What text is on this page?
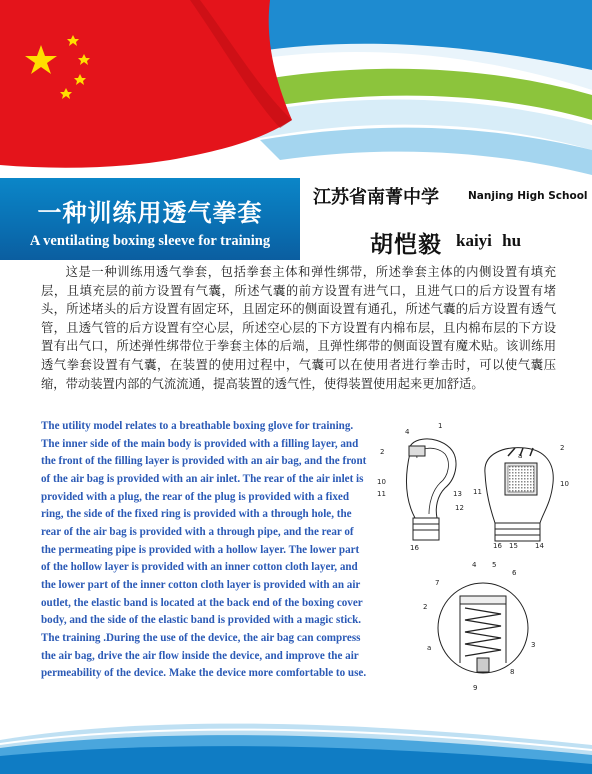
一种训练用透气拳套
A ventilating boxing sleeve for training
江苏省南菁中学	Nanjing High School
胡恺毅 kaiyi hu

这是一种训练用透气拳套，包括拳套主体和弹性绑带，所述拳套主体的内侧设置有填充层，且填充层的前方设置有气囊，所述气囊的前方设置有进气口，且进气口的后方设置有堵头，所述堵头的后方设置有固定环，且固定环的侧面设置有通孔，所述气囊的后方设置有透气管，且透气管的后方设置有空心层，所述空心层的下方设置有内棉布层，且内棉布层的下方设置有出气口，所述弹性绑带位于拳套主体的后端，且弹性绑带的侧面设置有魔术贴。该训练用透气拳套设置有气囊，在装置的使用过程中，气囊可以在使用者进行拳击时，可以使气囊压缩，带动装置内部的气流流通，提高装置的透气性，使得装置使用起来更加舒适。

The utility model relates to a breathable boxing glove for training. The inner side of the main body is provided with a filling layer, and the front of the filling layer is provided with an air bag, and the front of the air bag is provided with an air inlet. The rear of the air inlet is provided with a plug, the rear of the plug is provided with a fixed ring, the side of the fixed ring is provided with a through hole, the rear of the air bag is provided with a through pipe, and the rear of the permeating pipe is provided with a hollow layer. The lower part of the hollow layer is provided with an inner cotton cloth layer, and the lower part of the inner cotton cloth layer is provided with an air outlet, the elastic band is located at the back end of the boxing cover body, and the side of the elastic band is provided with a magic stick. The training .During the use of the device, the air bag can compress the air bag, drive the air flow inside the device, and improve the air permeability of the device. Make the device more comfortable to use.

4
1
2
10
11	13
12
16
a
2
11
10
16 15 14
4 5
7
6
2
a	3
8
9
